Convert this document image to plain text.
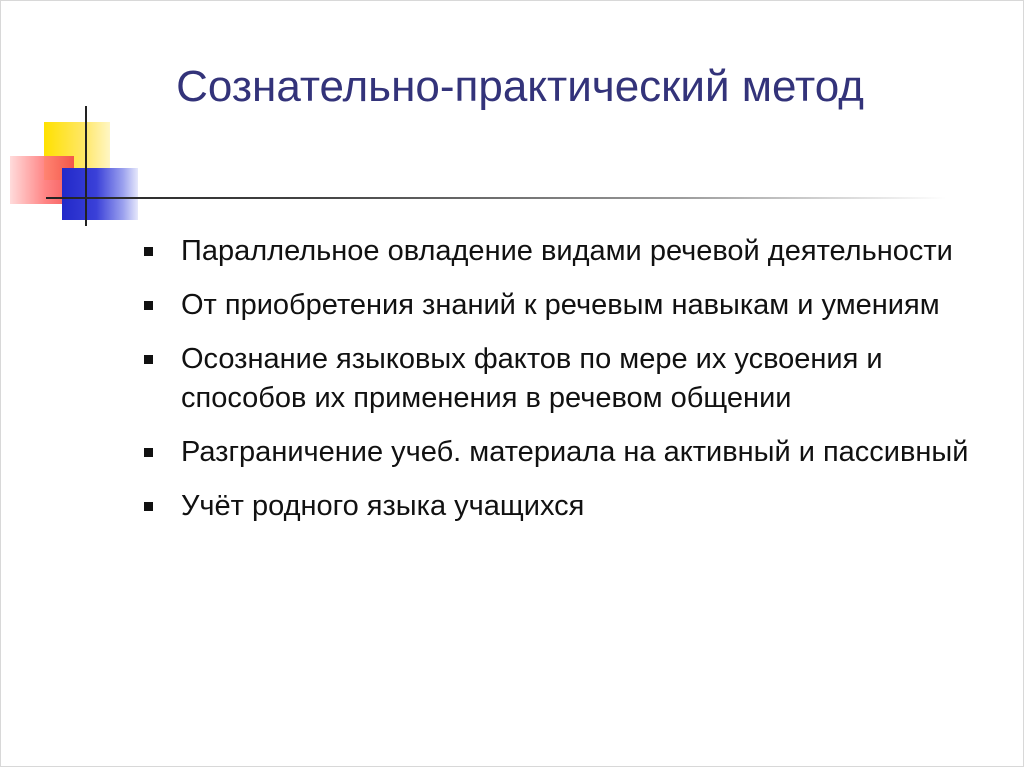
Сознательно-практический метод
Параллельное овладение видами речевой деятельности
От приобретения знаний к речевым навыкам и умениям
Осознание языковых фактов по мере их усвоения и способов их применения в речевом общении
Разграничение учеб. материала на активный и пассивный
Учёт родного языка учащихся
